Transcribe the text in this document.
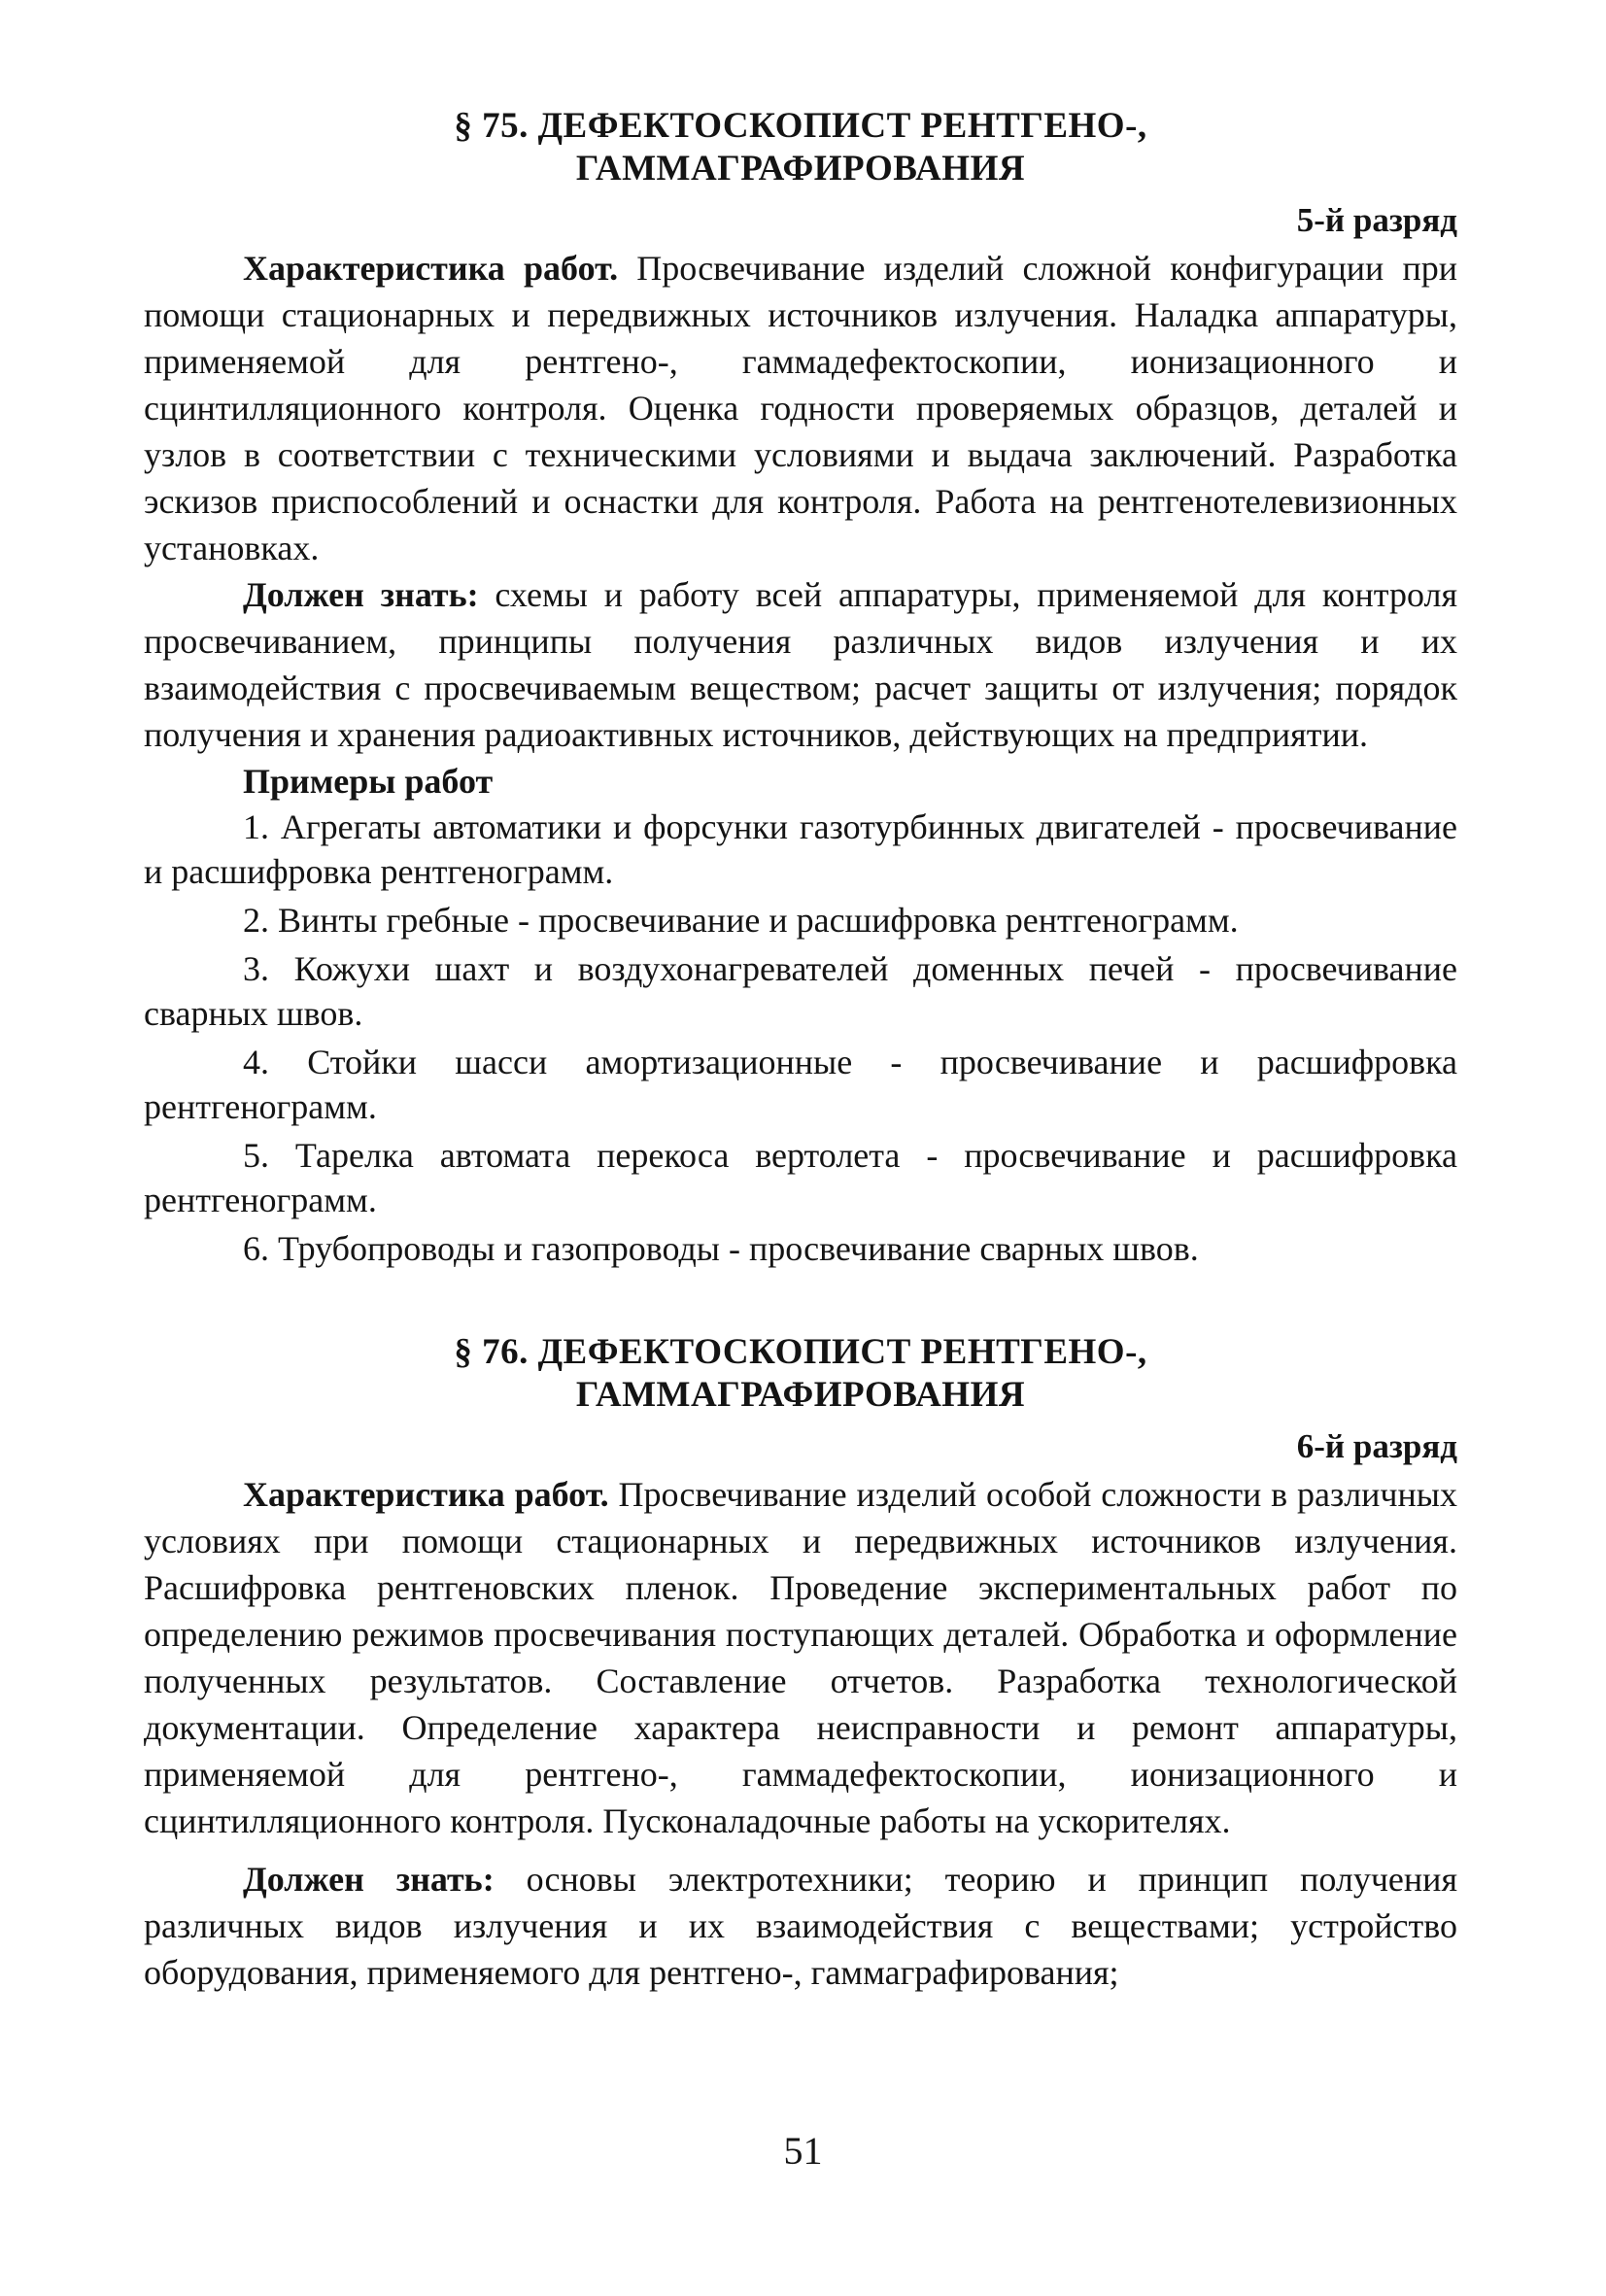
§ 75. ДЕФЕКТОСКОПИСТ РЕНТГЕНО-,
ГАММАГРАФИРОВАНИЯ

5-й разряд

Характеристика работ. Просвечивание изделий сложной конфигурации при помощи стационарных и передвижных источников излучения. Наладка аппаратуры, применяемой для рентгено-, гаммадефектоскопии, ионизационного и сцинтилляционного контроля. Оценка годности проверяемых образцов, деталей и узлов в соответствии с техническими условиями и выдача заключений. Разработка эскизов приспособлений и оснастки для контроля. Работа на рентгенотелевизионных установках.

Должен знать: схемы и работу всей аппаратуры, применяемой для контроля просвечиванием, принципы получения различных видов излучения и их взаимодействия с просвечиваемым веществом; расчет защиты от излучения; порядок получения и хранения радиоактивных источников, действующих на предприятии.

Примеры работ

1. Агрегаты автоматики и форсунки газотурбинных двигателей - просвечивание и расшифровка рентгенограмм.

2. Винты гребные - просвечивание и расшифровка рентгенограмм.

3. Кожухи шахт и воздухонагревателей доменных печей - просвечивание сварных швов.

4. Стойки шасси амортизационные - просвечивание и расшифровка рентгенограмм.

5. Тарелка автомата перекоса вертолета - просвечивание и расшифровка рентгенограмм.

6. Трубопроводы и газопроводы - просвечивание сварных швов.

§ 76. ДЕФЕКТОСКОПИСТ РЕНТГЕНО-,
ГАММАГРАФИРОВАНИЯ

6-й разряд

Характеристика работ. Просвечивание изделий особой сложности в различных условиях при помощи стационарных и передвижных источников излучения. Расшифровка рентгеновских пленок. Проведение экспериментальных работ по определению режимов просвечивания поступающих деталей. Обработка и оформление полученных результатов. Составление отчетов. Разработка технологической документации. Определение характера неисправности и ремонт аппаратуры, применяемой для рентгено-, гаммадефектоскопии, ионизационного и сцинтилляционного контроля. Пусконаладочные работы на ускорителях.

Должен знать: основы электротехники; теорию и принцип получения различных видов излучения и их взаимодействия с веществами; устройство оборудования, применяемого для рентгено-, гаммаграфирования;

51
